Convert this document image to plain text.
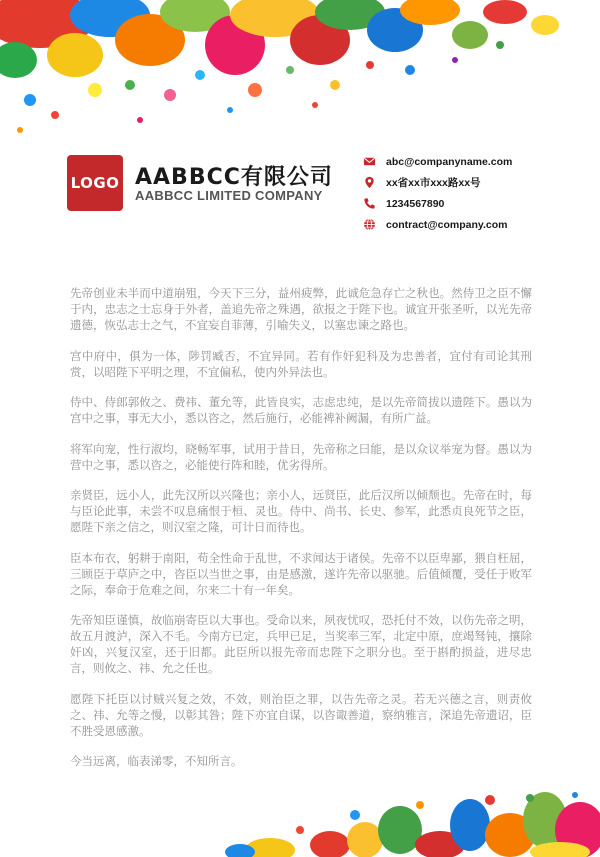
LOGO AABBCC有限公司
AABBCC LIMITED COMPANY
abc@companyname.com
xx省xx市xxx路xx号
1234567890
contract@company.com

先帝创业未半而中道崩殂，今天下三分，益州疲弊，此诚危急存亡之秋也。然侍卫之臣不懈于内，忠志之士忘身于外者，盖追先帝之殊遇，欲报之于陛下也。诚宜开张圣听，以光先帝遗德，恢弘志士之气，不宜妄自菲薄，引喻失义，以塞忠谏之路也。

宫中府中，俱为一体，陟罚臧否，不宜异同。若有作奸犯科及为忠善者，宜付有司论其刑赏，以昭陛下平明之理，不宜偏私，使内外异法也。

侍中、侍郎郭攸之、费祎、董允等，此皆良实，志虑忠纯，是以先帝简拔以遗陛下。愚以为宫中之事，事无大小，悉以咨之，然后施行，必能裨补阙漏，有所广益。

将军向宠，性行淑均，晓畅军事，试用于昔日，先帝称之曰能，是以众议举宠为督。愚以为营中之事，悉以咨之，必能使行阵和睦，优劣得所。

亲贤臣，远小人，此先汉所以兴隆也；亲小人，远贤臣，此后汉所以倾颓也。先帝在时，每与臣论此事，未尝不叹息痛恨于桓、灵也。侍中、尚书、长史、参军，此悉贞良死节之臣，愿陛下亲之信之，则汉室之隆，可计日而待也。

臣本布衣，躬耕于南阳，苟全性命于乱世，不求闻达于诸侯。先帝不以臣卑鄙，猥自枉屈，三顾臣于草庐之中，咨臣以当世之事，由是感激，遂许先帝以驱驰。后值倾覆，受任于败军之际，奉命于危难之间，尔来二十有一年矣。

先帝知臣谨慎，故临崩寄臣以大事也。受命以来，夙夜忧叹，恐托付不效，以伤先帝之明，故五月渡泸，深入不毛。今南方已定，兵甲已足，当奖率三军，北定中原，庶竭驽钝，攘除奸凶，兴复汉室，还于旧都。此臣所以报先帝而忠陛下之职分也。至于斟酌损益，进尽忠言，则攸之、祎、允之任也。

愿陛下托臣以讨贼兴复之效，不效，则治臣之罪，以告先帝之灵。若无兴德之言，则责攸之、祎、允等之慢，以彰其咎；陛下亦宜自谋，以咨诹善道，察纳雅言，深追先帝遗诏，臣不胜受恩感激。

今当远离，临表涕零，不知所言。
